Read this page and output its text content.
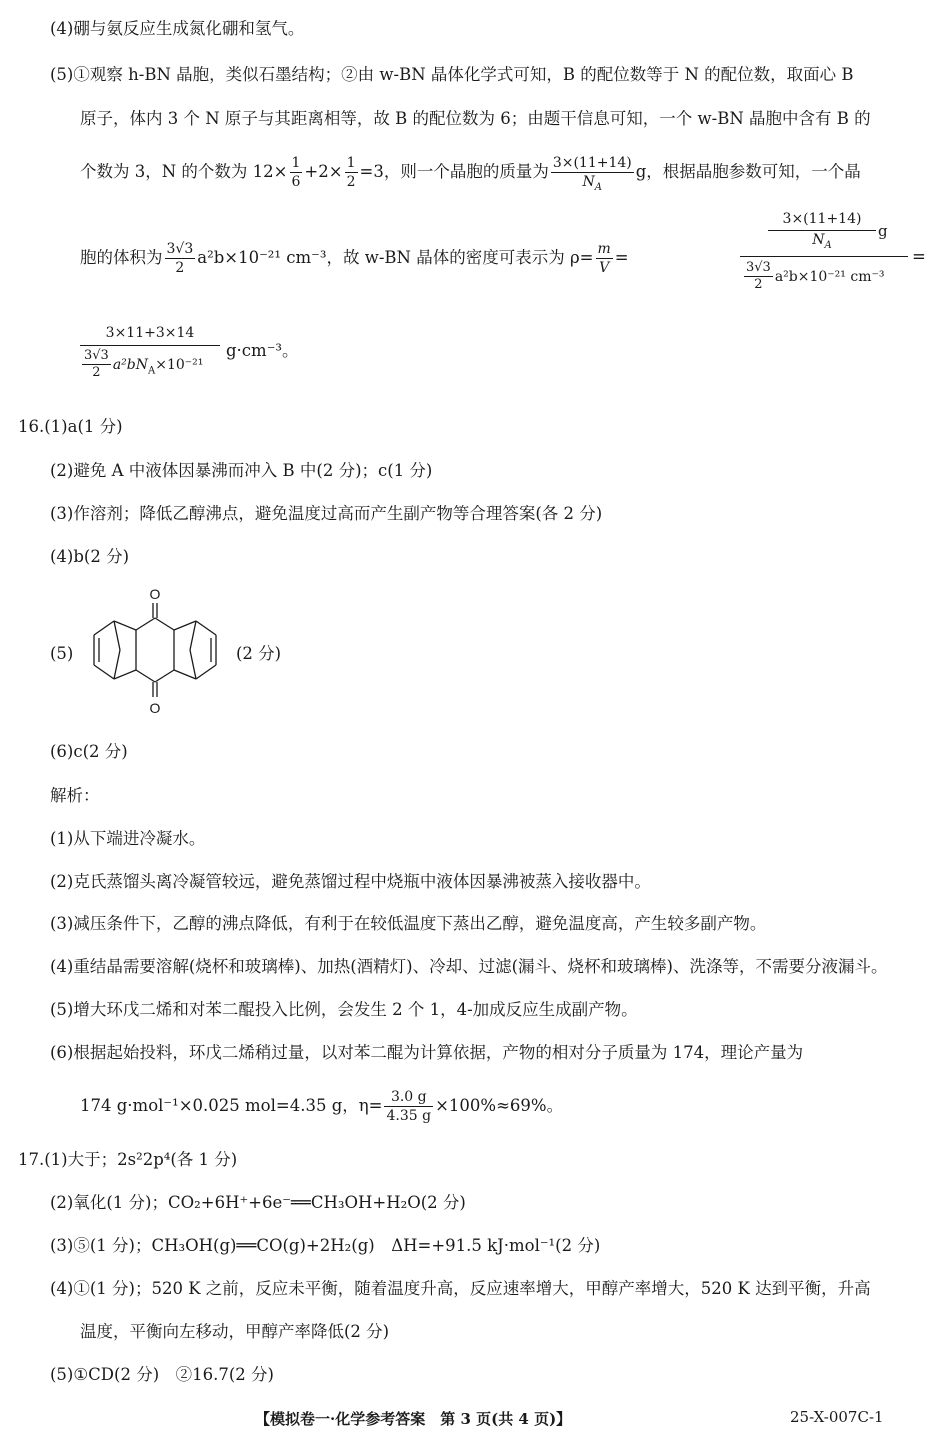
(4)硼与氨反应生成氮化硼和氢气。
(5)①观察 h-BN 晶胞，类似石墨结构；②由 w-BN 晶体化学式可知，B 的配位数等于 N 的配位数，取面心 B
原子，体内 3 个 N 原子与其距离相等，故 B 的配位数为 6；由题干信息可知，一个 w-BN 晶胞中含有 B 的
个数为 3，N 的个数为 $12\times \frac{1}{6} +2\times \frac{1}{2} =3$，则一个晶胞的质量为 $\frac{3\times(11+14)}{N_A}$ g，根据晶胞参数可知，一个晶
胞的体积为 $\frac{3√3}{2} a^2b\times 10^{-21}$ cm⁻³，故 w-BN 晶体的密度可表示为 $\rho= \frac{m}{V}$ =
3×(11+14)
$N_A$
g
$\frac{3√3}{2} a^2b\times 10^{-21}$ cm⁻³
=
3×11+3×14
$\frac{3√3}{2} a^2bN_A\times 10^{-21}$
g·cm⁻³。
16.(1)a(1 分)
(2)避免 A 中液体因暴沸而冲入 B 中(2 分)；c(1 分)
(3)作溶剂；降低乙醇沸点，避免温度过高而产生副产物等合理答案(各 2 分)
(4)b(2 分)
(5)
O
O
(2 分)
(6)c(2 分)
解析：
(1)从下端进冷凝水。
(2)克氏蒸馏头离冷凝管较远，避免蒸馏过程中烧瓶中液体因暴沸被蒸入接收器中。
(3)减压条件下，乙醇的沸点降低，有利于在较低温度下蒸出乙醇，避免温度高，产生较多副产物。
(4)重结晶需要溶解(烧杯和玻璃棒)、加热(酒精灯)、冷却、过滤(漏斗、烧杯和玻璃棒)、洗涤等，不需要分液漏斗。
(5)增大环戊二烯和对苯二醌投入比例，会发生 2 个 1，4-加成反应生成副产物。
(6)根据起始投料，环戊二烯稍过量，以对苯二醌为计算依据，产物的相对分子质量为 174，理论产量为
174 g·mol⁻¹×0.025 mol=4.35 g，$\eta= \frac{3.0 g}{4.35 g} \times 100\%\approx 69\%$。
17.(1)大于；2s²2p⁴(各 1 分)
(2)氧化(1 分)；CO₂+6H⁺+6e⁻══CH₃OH+H₂O(2 分)
(3)⑤(1 分)；CH₃OH(g)══CO(g)+2H₂(g)　ΔH=+91.5 kJ·mol⁻¹(2 分)
(4)①(1 分)；520 K 之前，反应未平衡，随着温度升高，反应速率增大，甲醇产率增大，520 K 达到平衡，升高
温度，平衡向左移动，甲醇产率降低(2 分)
(5)①CD(2 分)　②16.7(2 分)
【模拟卷一·化学参考答案　第 3 页(共 4 页)】	25-X-007C-1
